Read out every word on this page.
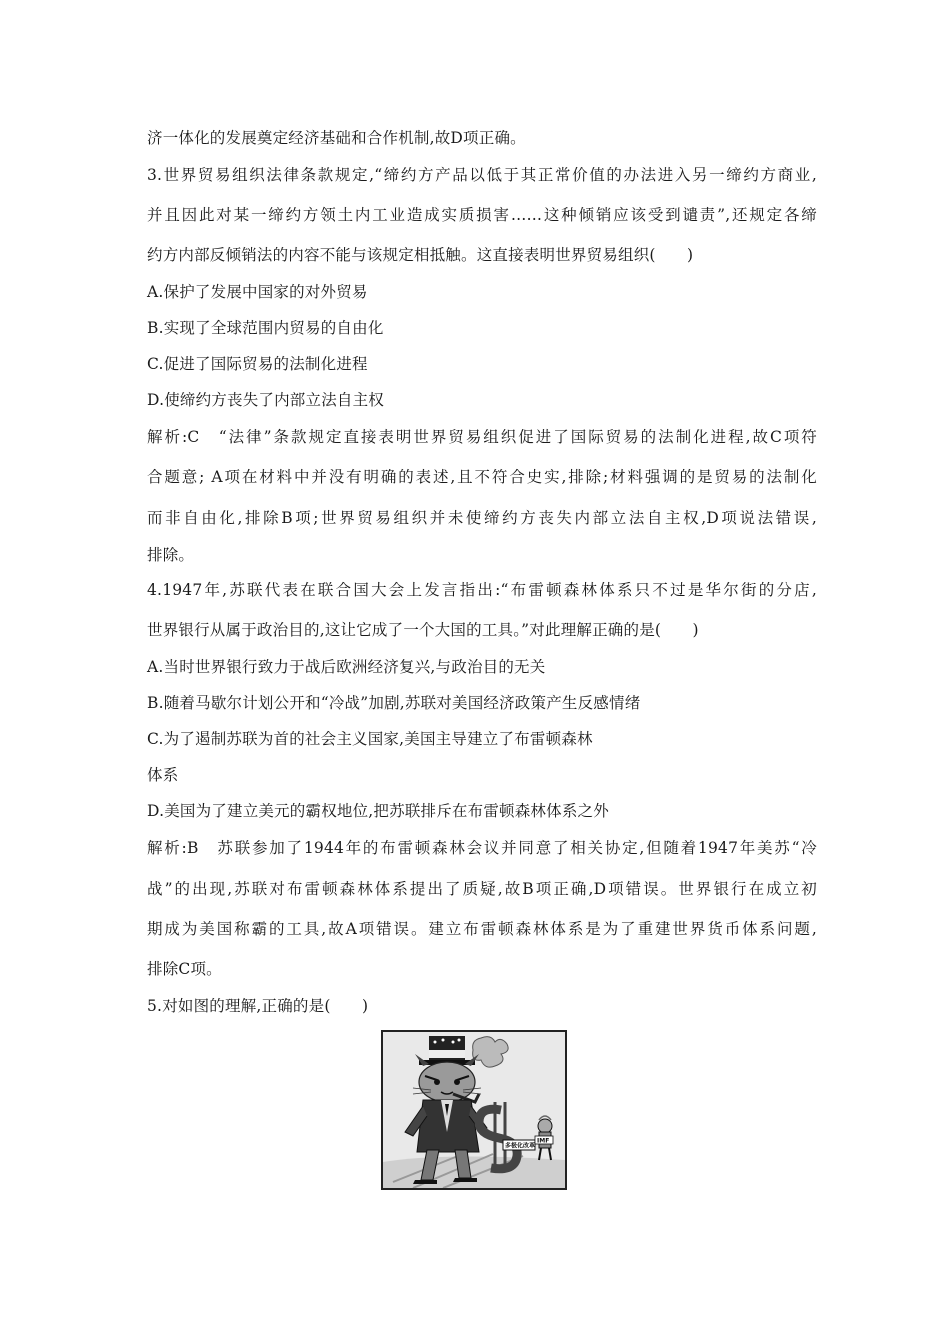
济一体化的发展奠定经济基础和合作机制,故D项正确。
3.世界贸易组织法律条款规定,“缔约方产品以低于其正常价值的办法进入另一缔约方商业,
并且因此对某一缔约方领土内工业造成实质损害……这种倾销应该受到谴责”,还规定各缔
约方内部反倾销法的内容不能与该规定相抵触。这直接表明世界贸易组织(　　)
A.保护了发展中国家的对外贸易
B.实现了全球范围内贸易的自由化
C.促进了国际贸易的法制化进程
D.使缔约方丧失了内部立法自主权
解析:C　“法律”条款规定直接表明世界贸易组织促进了国际贸易的法制化进程,故C项符
合题意; A项在材料中并没有明确的表述,且不符合史实,排除;材料强调的是贸易的法制化
而非自由化,排除B项;世界贸易组织并未使缔约方丧失内部立法自主权,D项说法错误,
排除。
4.1947年,苏联代表在联合国大会上发言指出:“布雷顿森林体系只不过是华尔街的分店,
世界银行从属于政治目的,这让它成了一个大国的工具。”对此理解正确的是(　　)
A.当时世界银行致力于战后欧洲经济复兴,与政治目的无关
B.随着马歇尔计划公开和“冷战”加剧,苏联对美国经济政策产生反感情绪
C.为了遏制苏联为首的社会主义国家,美国主导建立了布雷顿森林
体系
D.美国为了建立美元的霸权地位,把苏联排斥在布雷顿森林体系之外
解析:B　苏联参加了1944年的布雷顿森林会议并同意了相关协定,但随着1947年美苏“冷
战”的出现,苏联对布雷顿森林体系提出了质疑,故B项正确,D项错误。世界银行在成立初
期成为美国称霸的工具,故A项错误。建立布雷顿森林体系是为了重建世界货币体系问题,
排除C项。
5.对如图的理解,正确的是(　　)
多极化改革
IMF
